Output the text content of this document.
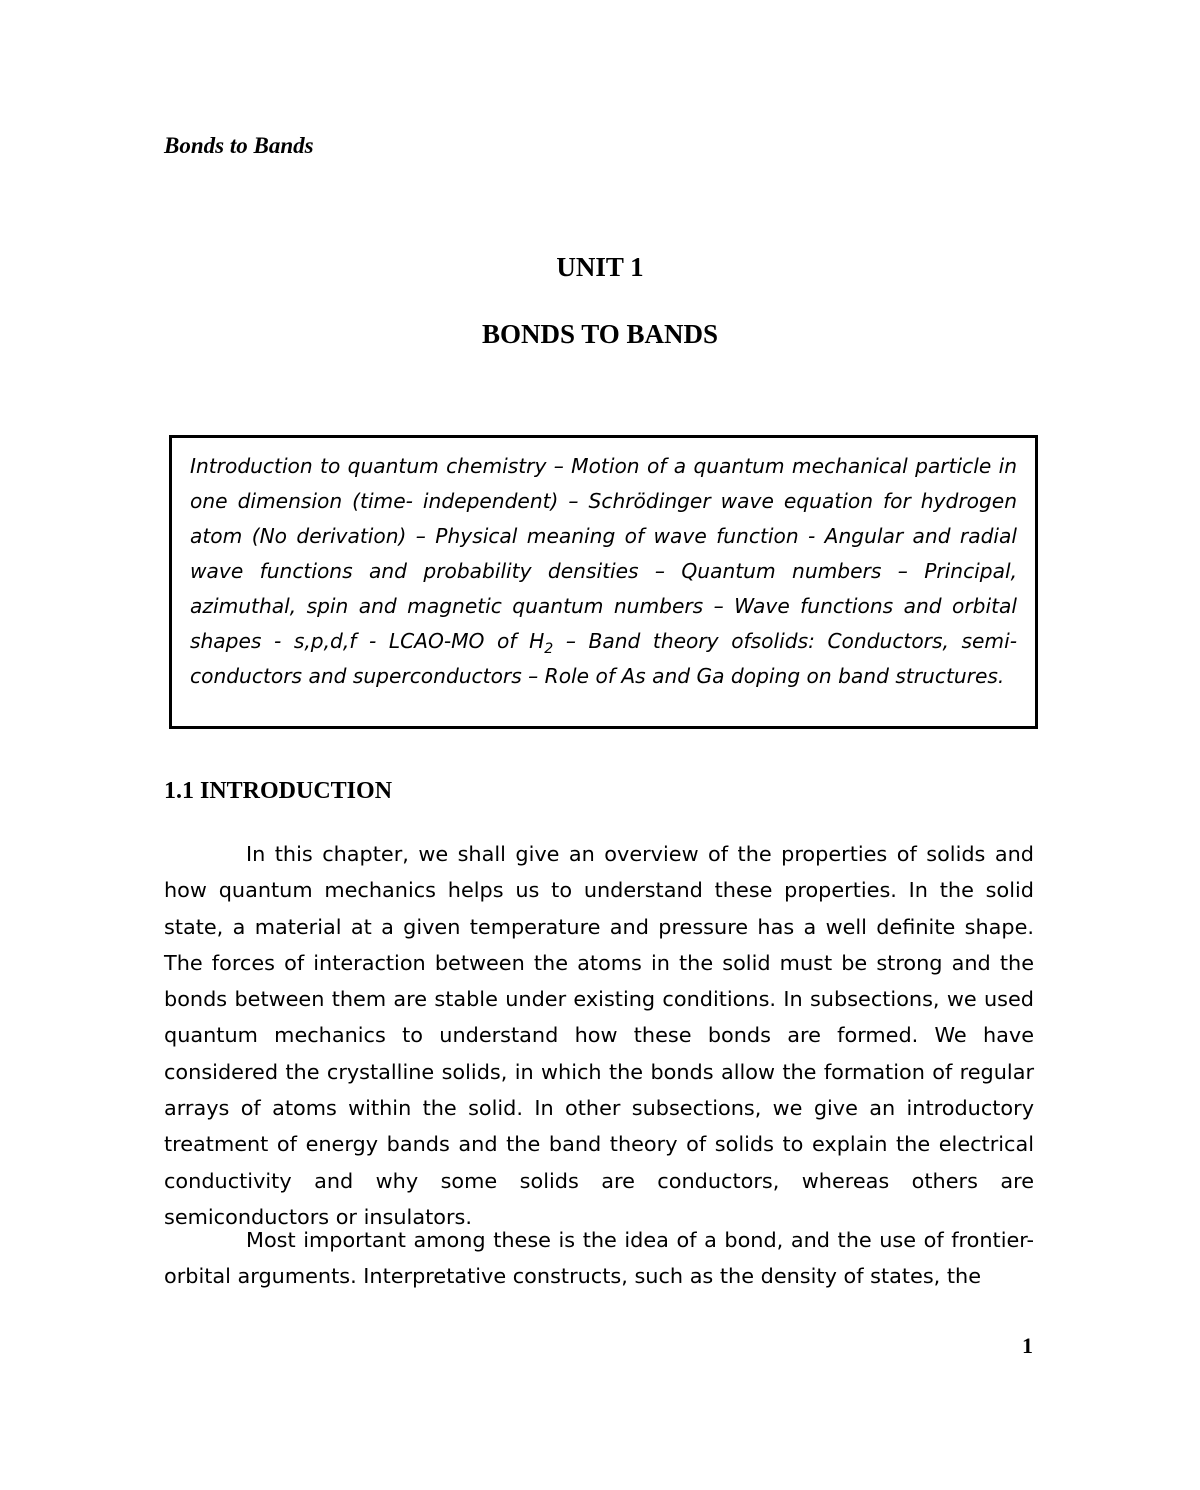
Bonds to Bands

UNIT 1
BONDS TO BANDS

Introduction to quantum chemistry – Motion of a quantum mechanical particle in one dimension (time- independent) – Schrödinger wave equation for hydrogen atom (No derivation) – Physical meaning of wave function - Angular and radial wave functions and probability densities – Quantum numbers – Principal, azimuthal, spin and magnetic quantum numbers – Wave functions and orbital shapes - s,p,d,f - LCAO-MO of $H_2$ – Band theory ofsolids: Conductors, semi-conductors and superconductors – Role of As and Ga doping on band structures.

1.1 INTRODUCTION

In this chapter, we shall give an overview of the properties of solids and how quantum mechanics helps us to understand these properties. In the solid state, a material at a given temperature and pressure has a well definite shape. The forces of interaction between the atoms in the solid must be strong and the bonds between them are stable under existing conditions. In subsections, we used quantum mechanics to understand how these bonds are formed. We have considered the crystalline solids, in which the bonds allow the formation of regular arrays of atoms within the solid. In other subsections, we give an introductory treatment of energy bands and the band theory of solids to explain the electrical conductivity and why some solids are conductors, whereas others are semiconductors or insulators.

Most important among these is the idea of a bond, and the use of frontier-orbital arguments. Interpretative constructs, such as the density of states, the

1
